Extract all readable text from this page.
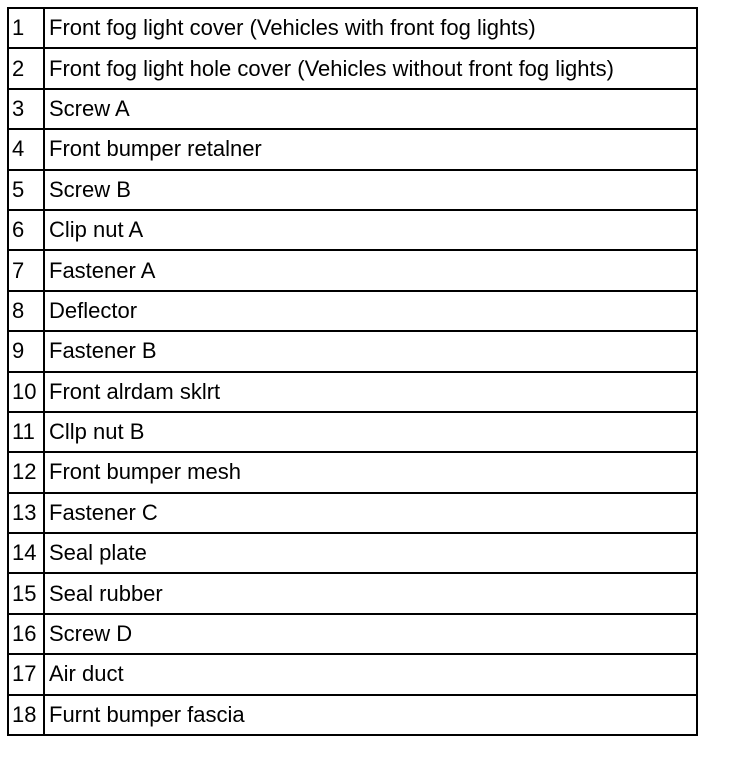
1	Front fog light cover (Vehicles with front fog lights)
2	Front fog light hole cover (Vehicles without front fog lights)
3	Screw A
4	Front bumper retalner
5	Screw B
6	Clip nut A
7	Fastener A
8	Deflector
9	Fastener B
10	Front alrdam sklrt
11	Cllp nut B
12	Front bumper mesh
13	Fastener C
14	Seal plate
15	Seal rubber
16	Screw D
17	Air duct
18	Furnt bumper fascia
